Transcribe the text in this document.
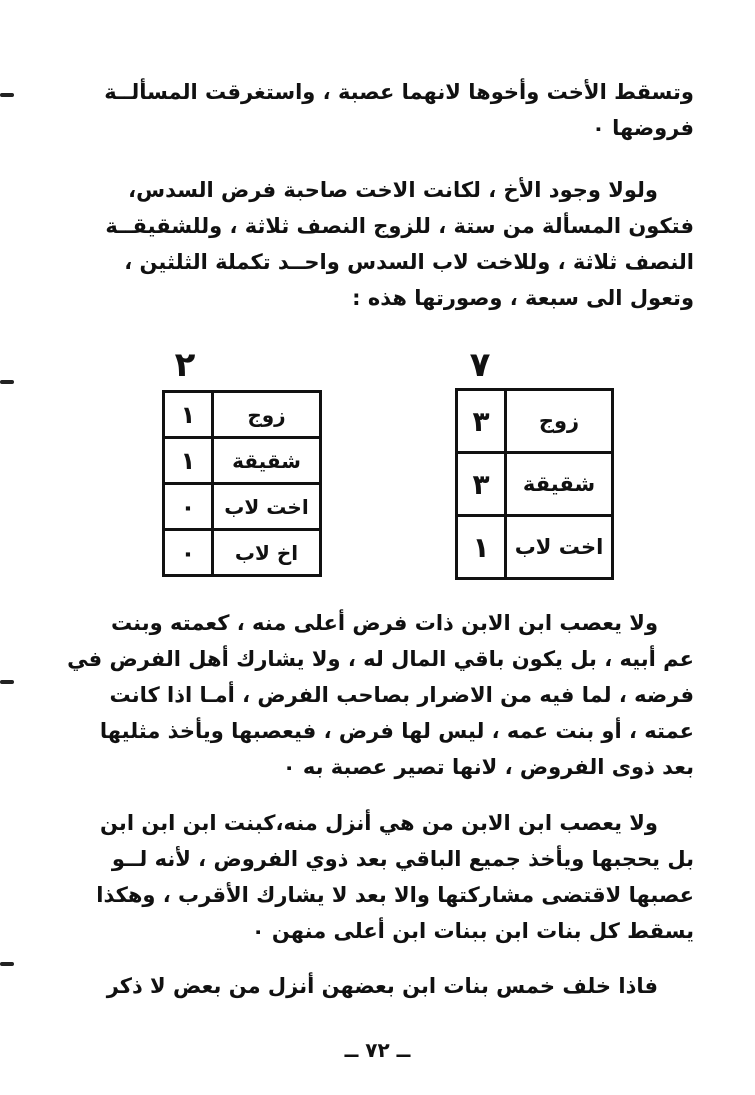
وتسقط الأخت وأخوها لانهما عصبة ، واستغرقت المسألــة
فروضها ٠

ولولا وجود الأخ ، لكانت الاخت صاحبة فرض السدس،
فتكون المسألة من ستة ، للزوج النصف ثلاثة ، وللشقيقــة
النصف ثلاثة ، وللاخت لاب السدس واحــد تكملة الثلثين ،
وتعول الى سبعة ، وصورتها هذه :

٧
٢
زوج	٣
شقيقة	٣
اخت لاب	١
زوج	١
شقيقة	١
اخت لاب	٠
اخ لاب	٠

ولا يعصب ابن الابن ذات فرض أعلى منه ، كعمته وبنت
عم أبيه ، بل يكون باقي المال له ، ولا يشارك أهل الفرض في
فرضه ، لما فيه من الاضرار بصاحب الفرض ، أمـا اذا كانت
عمته ، أو بنت عمه ، ليس لها فرض ، فيعصبها ويأخذ مثليها
بعد ذوى الفروض ، لانها تصير عصبة به ٠

ولا يعصب ابن الابن من هي أنزل منه،كبنت ابن ابن ابن
بل يحجبها ويأخذ جميع الباقي بعد ذوي الفروض ، لأنه لــو
عصبها لاقتضى مشاركتها والا بعد لا يشارك الأقرب ، وهكذا
يسقط كل بنات ابن ببنات ابن أعلى منهن ٠

فاذا خلف خمس بنات ابن بعضهن أنزل من بعض لا ذكر

ــ ٧٢ ــ
